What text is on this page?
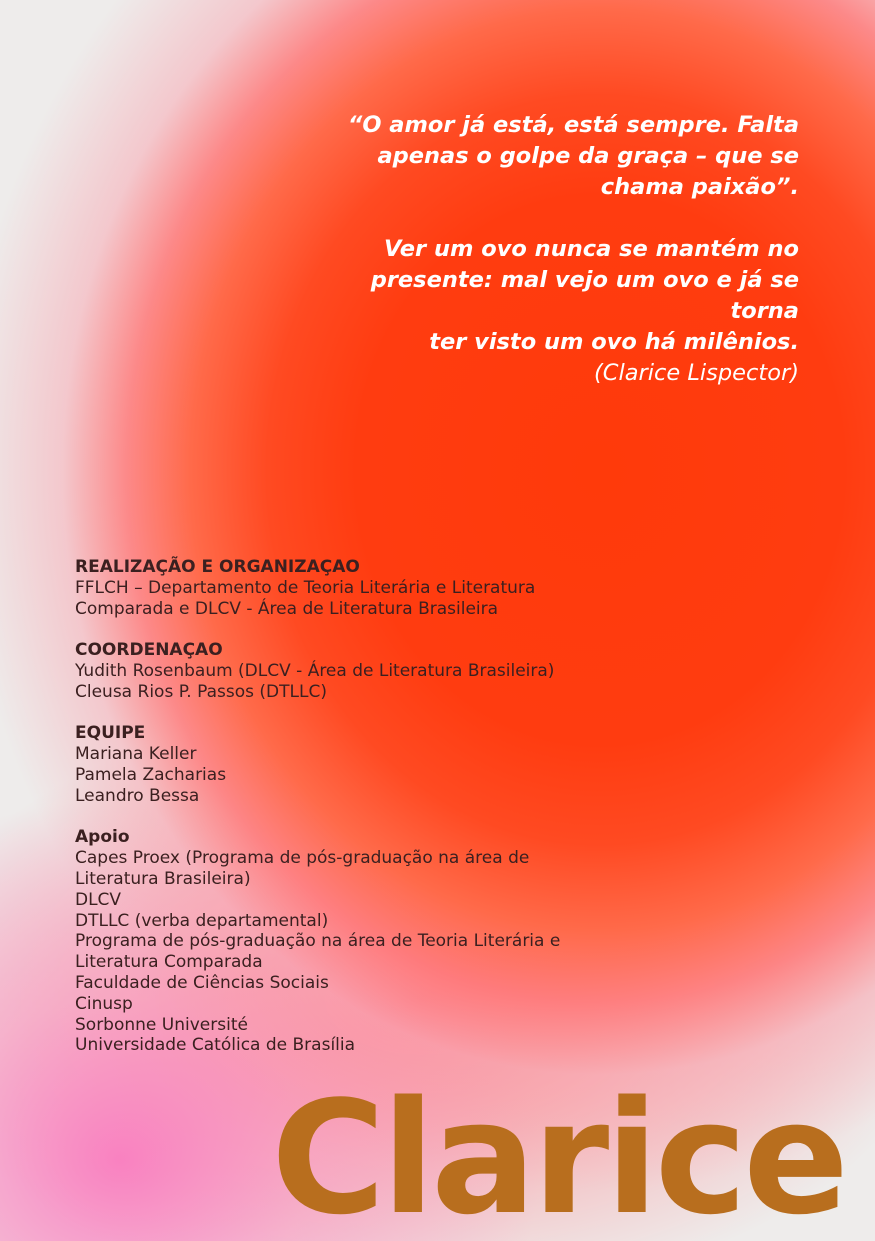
“O amor já está, está sempre. Falta

apenas o golpe da graça – que se

chama paixão”.

Ver um ovo nunca se mantém no

presente: mal vejo um ovo e já se torna

ter visto um ovo há milênios.

(Clarice Lispector)

REALIZAÇÃO E ORGANIZAÇAO
FFLCH – Departamento de Teoria Literária e Literatura
Comparada e DLCV - Área de Literatura Brasileira
COORDENAÇAO
Yudith Rosenbaum (DLCV - Área de Literatura Brasileira)
Cleusa Rios P. Passos (DTLLC)
EQUIPE
Mariana Keller
Pamela Zacharias
Leandro Bessa
Apoio
Capes Proex (Programa de pós-graduação na área de
Literatura Brasileira)
DLCV
DTLLC (verba departamental)
Programa de pós-graduação na área de Teoria Literária e
Literatura Comparada
Faculdade de Ciências Sociais
Cinusp
Sorbonne Université
Universidade Católica de Brasília
Clarice
